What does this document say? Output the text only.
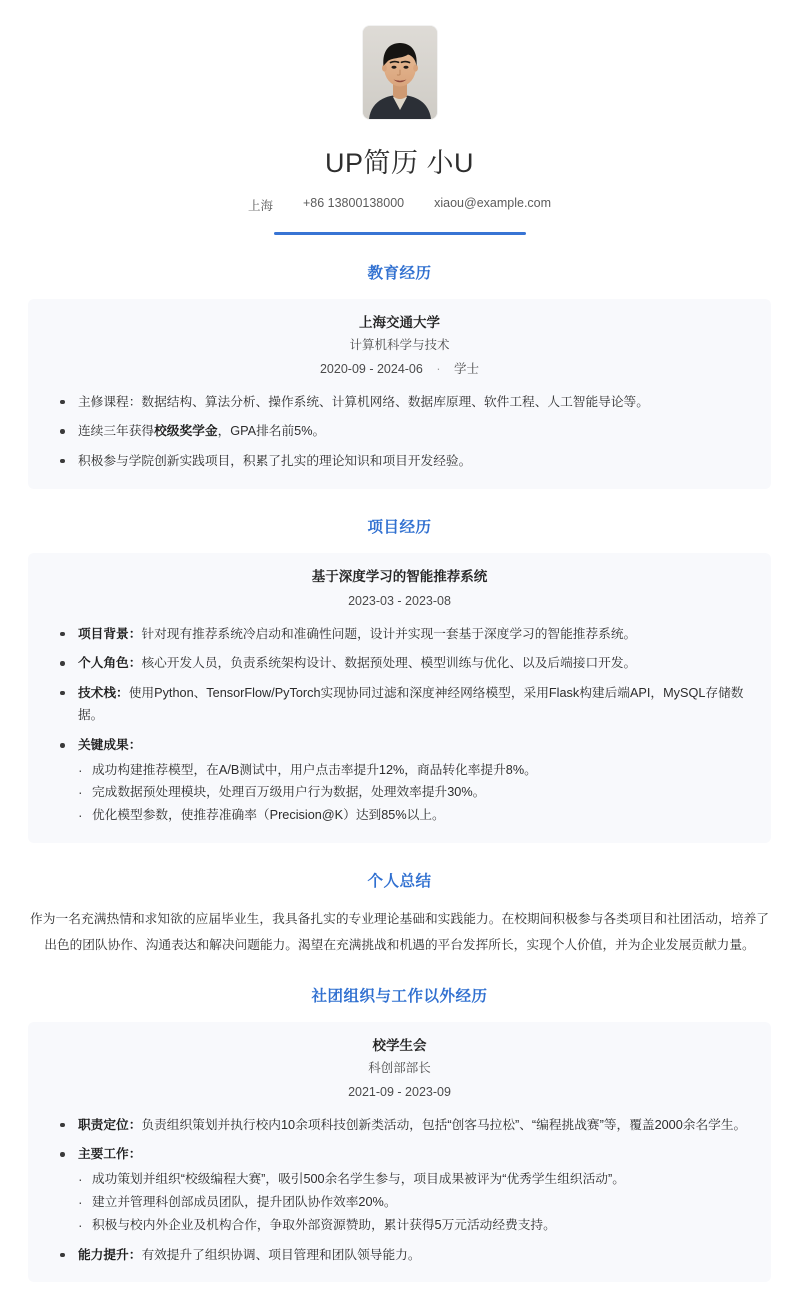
UP简历 小U
上海 +86 13800138000 xiaou@example.com
教育经历
上海交通大学
计算机科学与技术
2020-09 - 2024-06 · 学士
主修课程：数据结构、算法分析、操作系统、计算机网络、数据库原理、软件工程、人工智能导论等。
连续三年获得校级奖学金，GPA排名前5%。
积极参与学院创新实践项目，积累了扎实的理论知识和项目开发经验。
项目经历
基于深度学习的智能推荐系统
2023-03 - 2023-08
项目背景：针对现有推荐系统冷启动和准确性问题，设计并实现一套基于深度学习的智能推荐系统。
个人角色：核心开发人员，负责系统架构设计、数据预处理、模型训练与优化、以及后端接口开发。
技术栈：使用Python、TensorFlow/PyTorch实现协同过滤和深度神经网络模型，采用Flask构建后端API，MySQL存储数据。
关键成果：
· 成功构建推荐模型，在A/B测试中，用户点击率提升12%，商品转化率提升8%。
· 完成数据预处理模块，处理百万级用户行为数据，处理效率提升30%。
· 优化模型参数，使推荐准确率（Precision@K）达到85%以上。
个人总结

作为一名充满热情和求知欲的应届毕业生，我具备扎实的专业理论基础和实践能力。在校期间积极参与各类项目和社团活动，培养了出色的团队协作、沟通表达和解决问题能力。渴望在充满挑战和机遇的平台发挥所长，实现个人价值，并为企业发展贡献力量。

社团组织与工作以外经历
校学生会
科创部部长
2021-09 - 2023-09
职责定位：负责组织策划并执行校内10余项科技创新类活动，包括“创客马拉松”、“编程挑战赛”等，覆盖2000余名学生。
主要工作：
· 成功策划并组织“校级编程大赛”，吸引500余名学生参与，项目成果被评为“优秀学生组织活动”。
· 建立并管理科创部成员团队，提升团队协作效率20%。
· 积极与校内外企业及机构合作，争取外部资源赞助，累计获得5万元活动经费支持。
能力提升：有效提升了组织协调、项目管理和团队领导能力。
